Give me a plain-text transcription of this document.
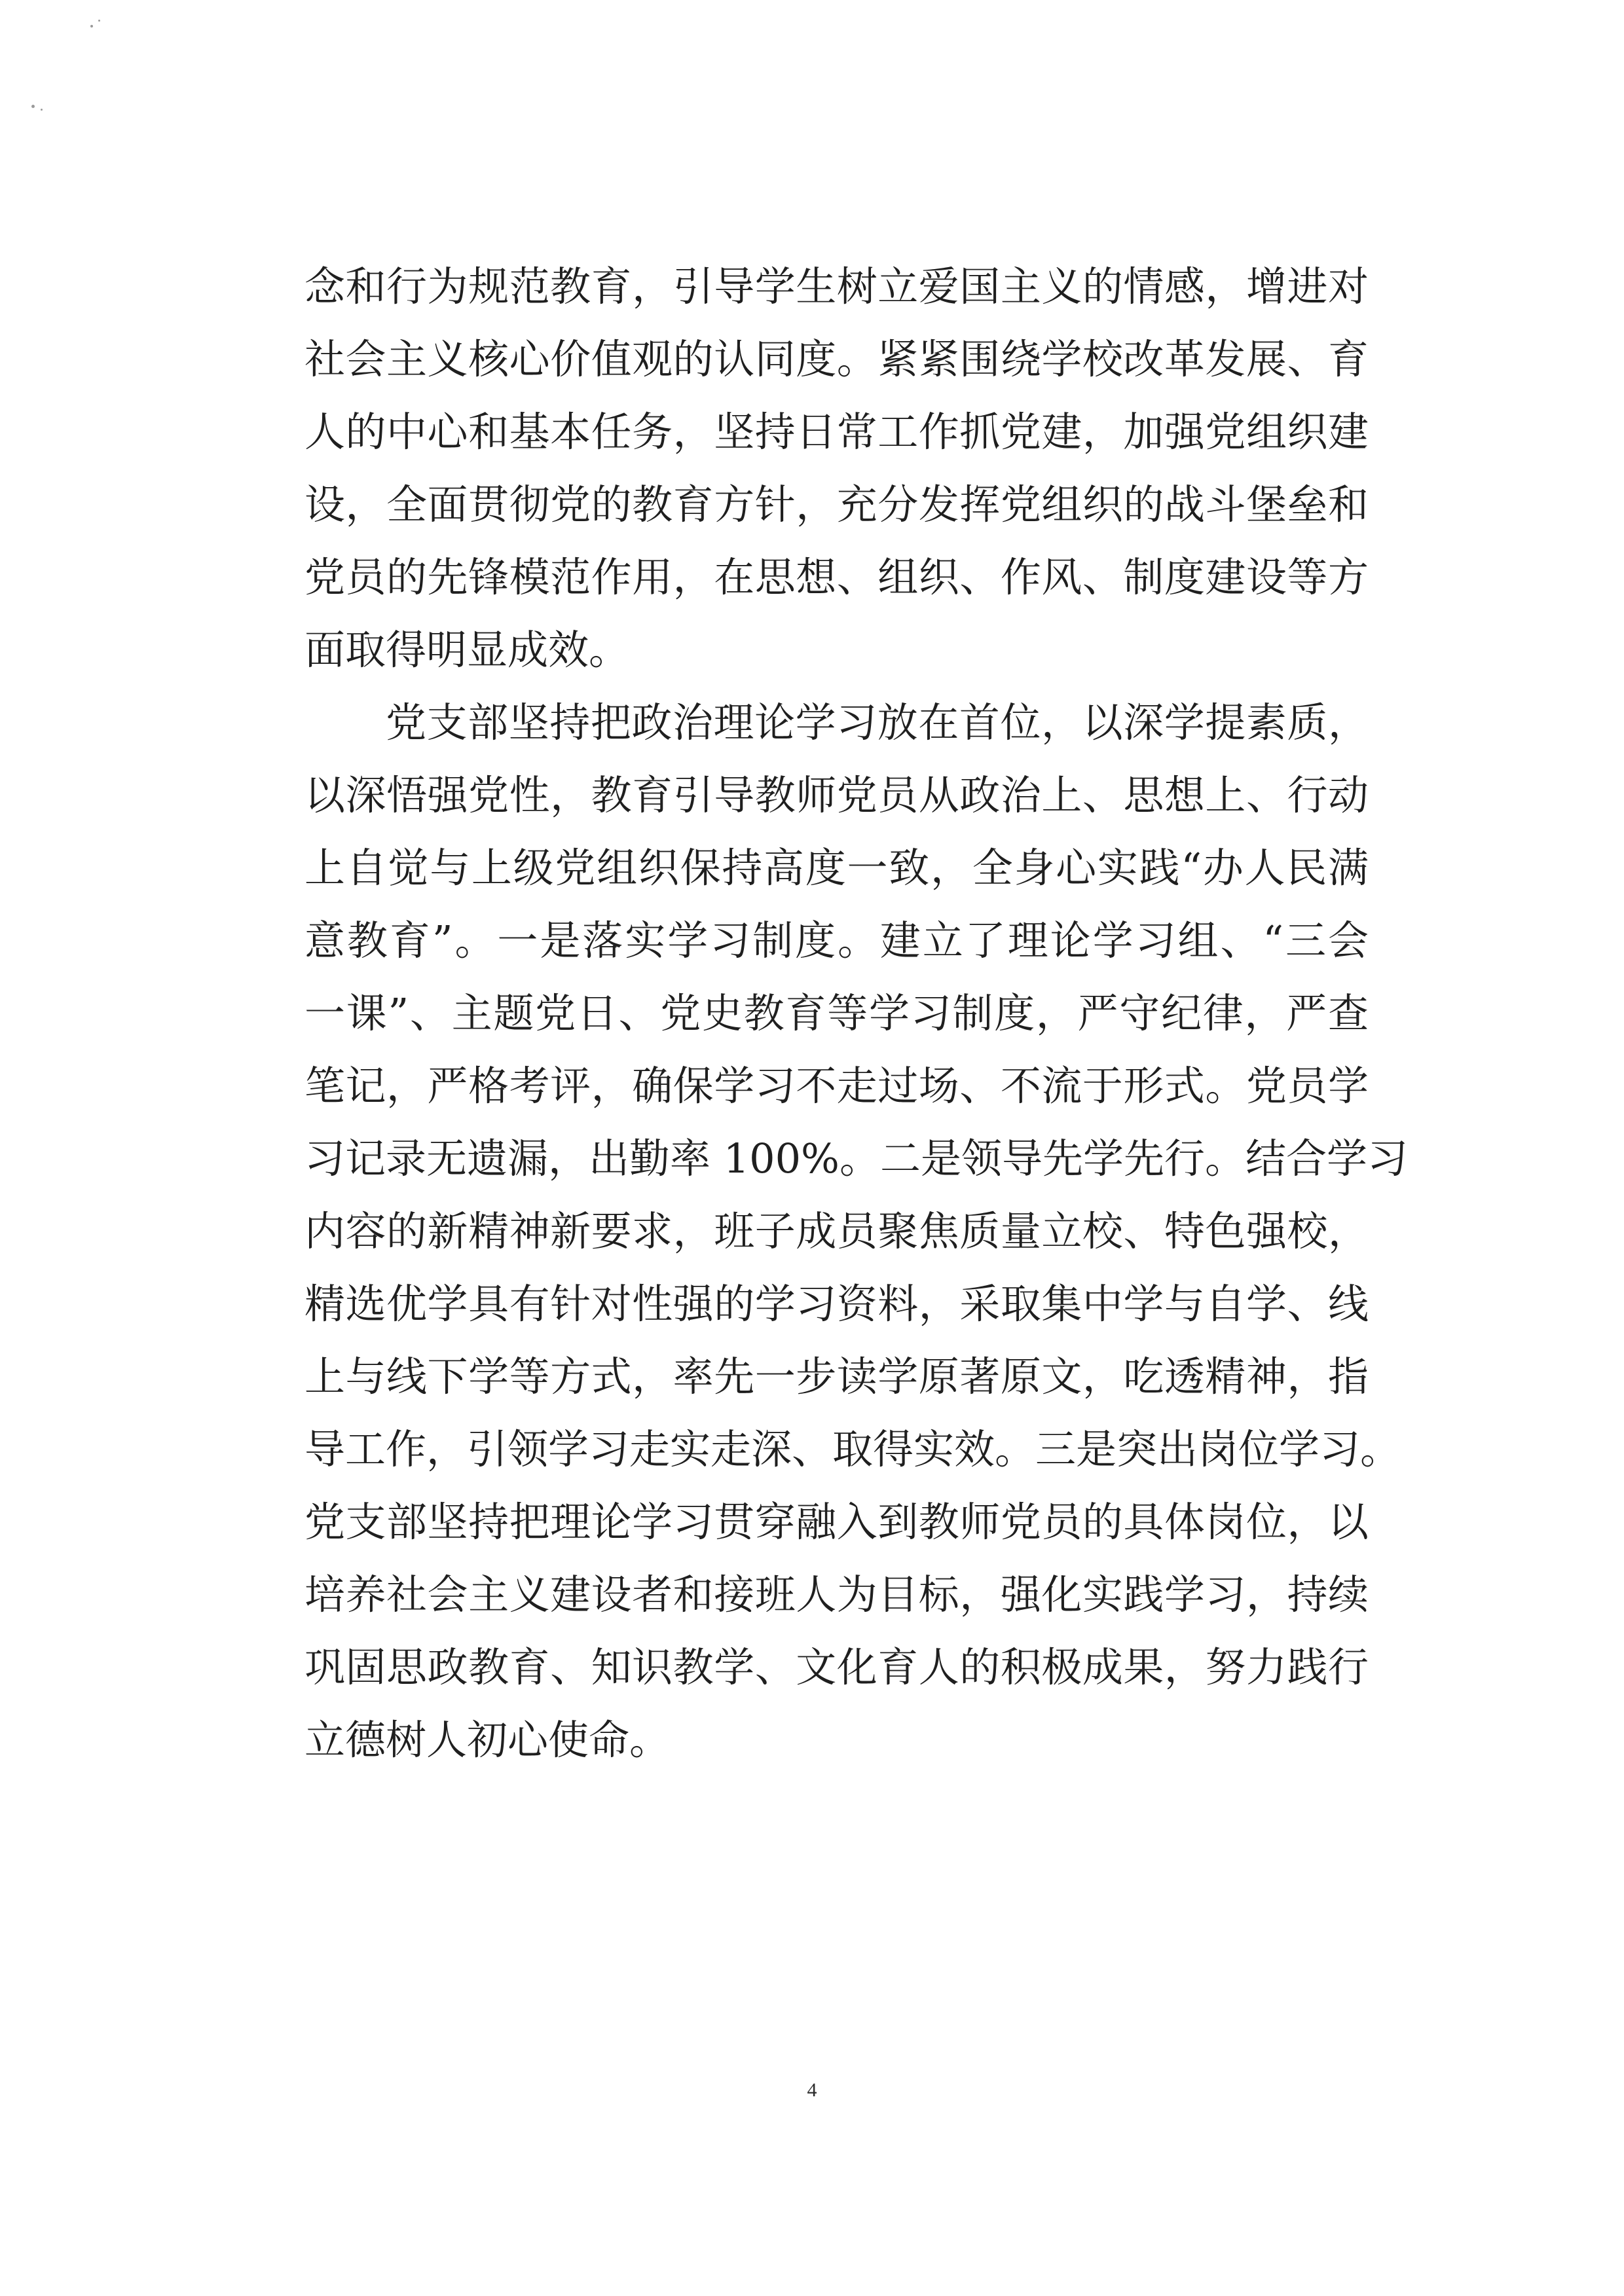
念和行为规范教育，引导学生树立爱国主义的情感，增进对
社会主义核心价值观的认同度。紧紧围绕学校改革发展、育
人的中心和基本任务，坚持日常工作抓党建，加强党组织建
设，全面贯彻党的教育方针，充分发挥党组织的战斗堡垒和
党员的先锋模范作用，在思想、组织、作风、制度建设等方
面取得明显成效。
党支部坚持把政治理论学习放在首位，以深学提素质，
以深悟强党性，教育引导教师党员从政治上、思想上、行动
上自觉与上级党组织保持高度一致，全身心实践“办人民满
意教育”。一是落实学习制度。建立了理论学习组、“三会
一课”、主题党日、党史教育等学习制度，严守纪律，严查
笔记，严格考评，确保学习不走过场、不流于形式。党员学
习记录无遗漏，出勤率 100%。二是领导先学先行。结合学习
内容的新精神新要求，班子成员聚焦质量立校、特色强校，
精选优学具有针对性强的学习资料，采取集中学与自学、线
上与线下学等方式，率先一步读学原著原文，吃透精神，指
导工作，引领学习走实走深、取得实效。三是突出岗位学习。
党支部坚持把理论学习贯穿融入到教师党员的具体岗位，以
培养社会主义建设者和接班人为目标，强化实践学习，持续
巩固思政教育、知识教学、文化育人的积极成果，努力践行
立德树人初心使命。
4
